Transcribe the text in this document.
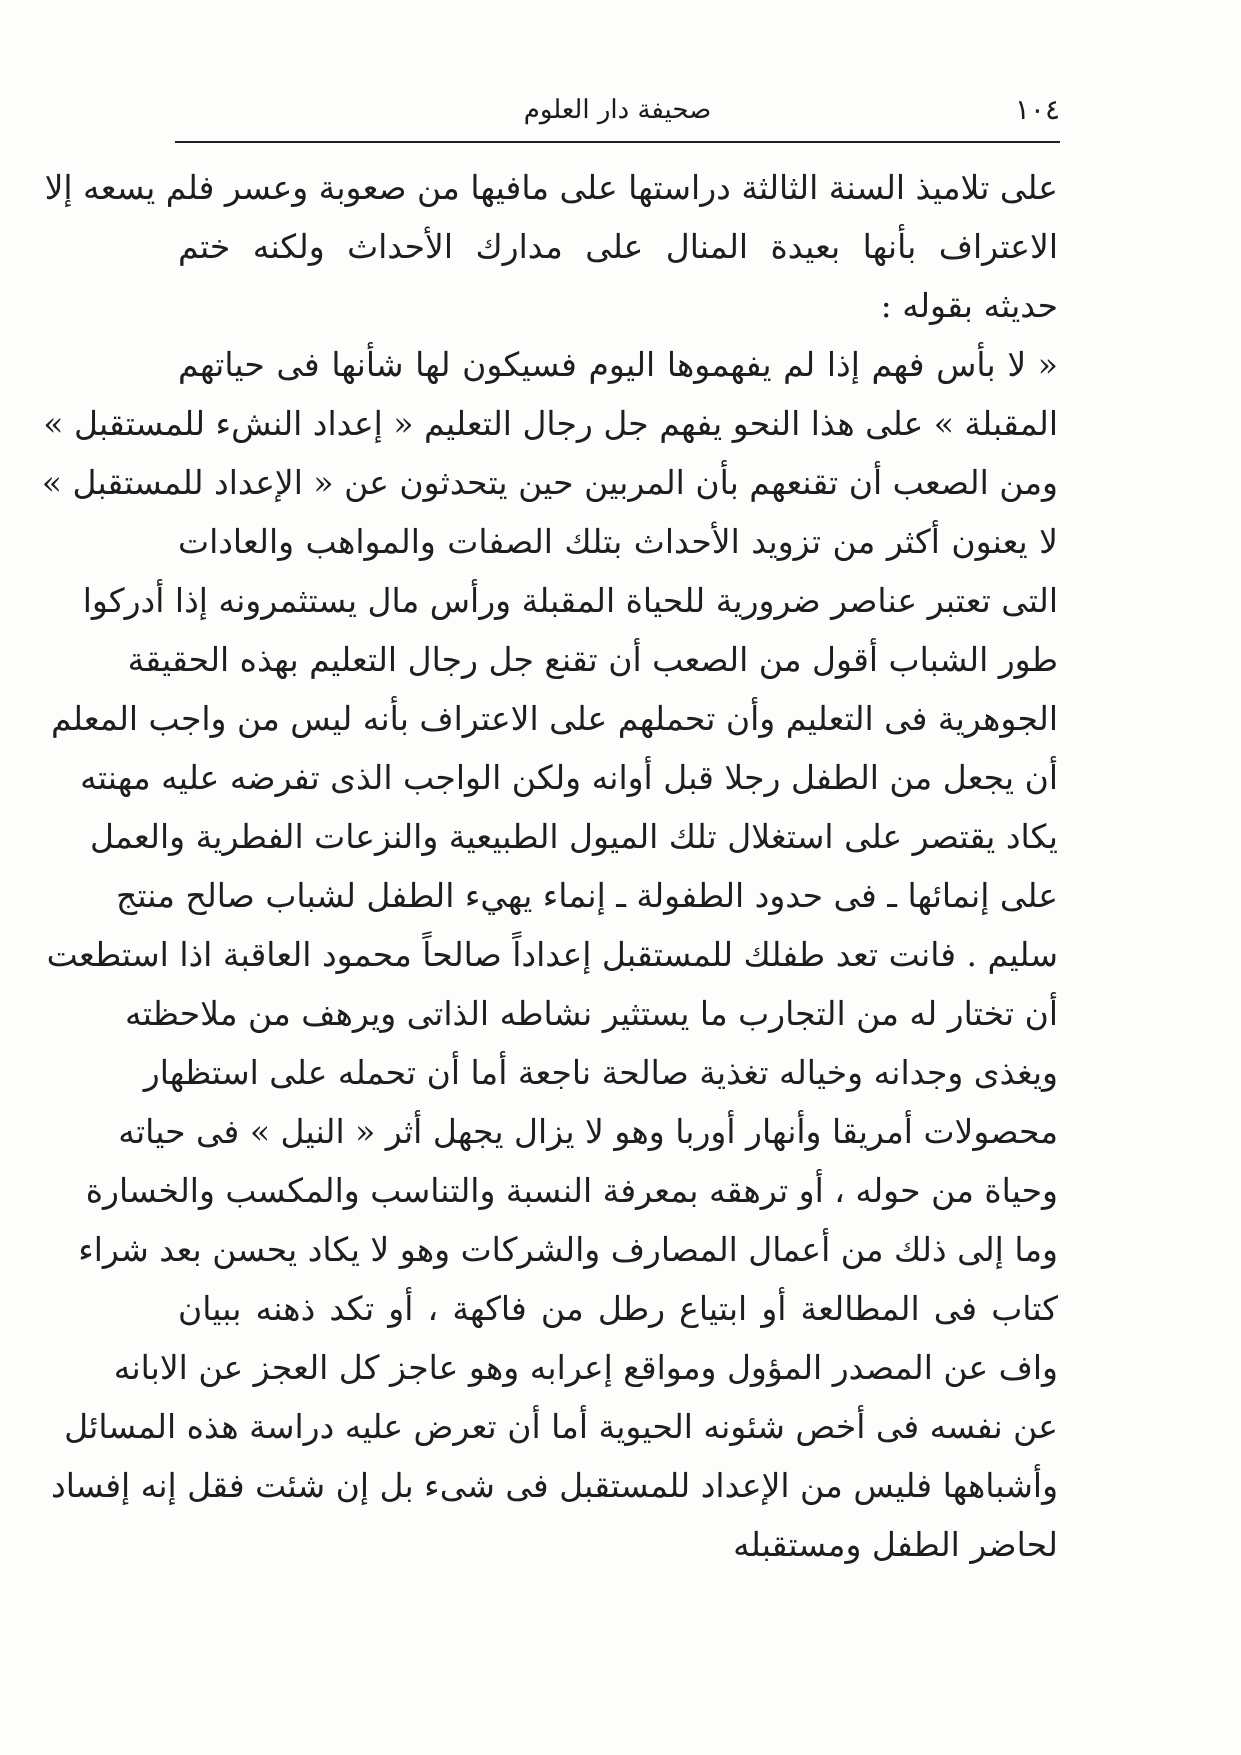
١٠٤
صحيفة دار العلوم
على تلاميذ السنة الثالثة دراستها على مافيها من صعوبة وعسر فلم يسعه إلا
الاعتراف بأنها بعيدة المنال على مدارك الأحداث ولكنه ختم
حديثه بقوله :
« لا بأس فهم إذا لم يفهموها اليوم فسيكون لها شأنها فى حياتهم
المقبلة » على هذا النحو يفهم جل رجال التعليم « إعداد النشء للمستقبل »
ومن الصعب أن تقنعهم بأن المربين حين يتحدثون عن « الإعداد للمستقبل »
لا يعنون أكثر من تزويد الأحداث بتلك الصفات والمواهب والعادات
التى تعتبر عناصر ضرورية للحياة المقبلة ورأس مال يستثمرونه إذا أدركوا
طور الشباب أقول من الصعب أن تقنع جل رجال التعليم بهذه الحقيقة
الجوهرية فى التعليم وأن تحملهم على الاعتراف بأنه ليس من واجب المعلم
أن يجعل من الطفل رجلا قبل أوانه ولكن الواجب الذى تفرضه عليه مهنته
يكاد يقتصر على استغلال تلك الميول الطبيعية والنزعات الفطرية والعمل
على إنمائها ـ فى حدود الطفولة ـ إنماء يهيء الطفل لشباب صالح منتج
سليم . فانت تعد طفلك للمستقبل إعداداً صالحاً محمود العاقبة اذا استطعت
أن تختار له من التجارب ما يستثير نشاطه الذاتى ويرهف من ملاحظته
ويغذى وجدانه وخياله تغذية صالحة ناجعة أما أن تحمله على استظهار
محصولات أمريقا وأنهار أوربا وهو لا يزال يجهل أثر « النيل » فى حياته
وحياة من حوله ، أو ترهقه بمعرفة النسبة والتناسب والمكسب والخسارة
وما إلى ذلك من أعمال المصارف والشركات وهو لا يكاد يحسن بعد شراء
كتاب فى المطالعة أو ابتياع رطل من فاكهة ، أو تكد ذهنه ببيان
واف عن المصدر المؤول ومواقع إعرابه وهو عاجز كل العجز عن الابانه
عن نفسه فى أخص شئونه الحيوية أما أن تعرض عليه دراسة هذه المسائل
وأشباهها فليس من الإعداد للمستقبل فى شىء بل إن شئت فقل إنه إفساد
لحاضر الطفل ومستقبله
